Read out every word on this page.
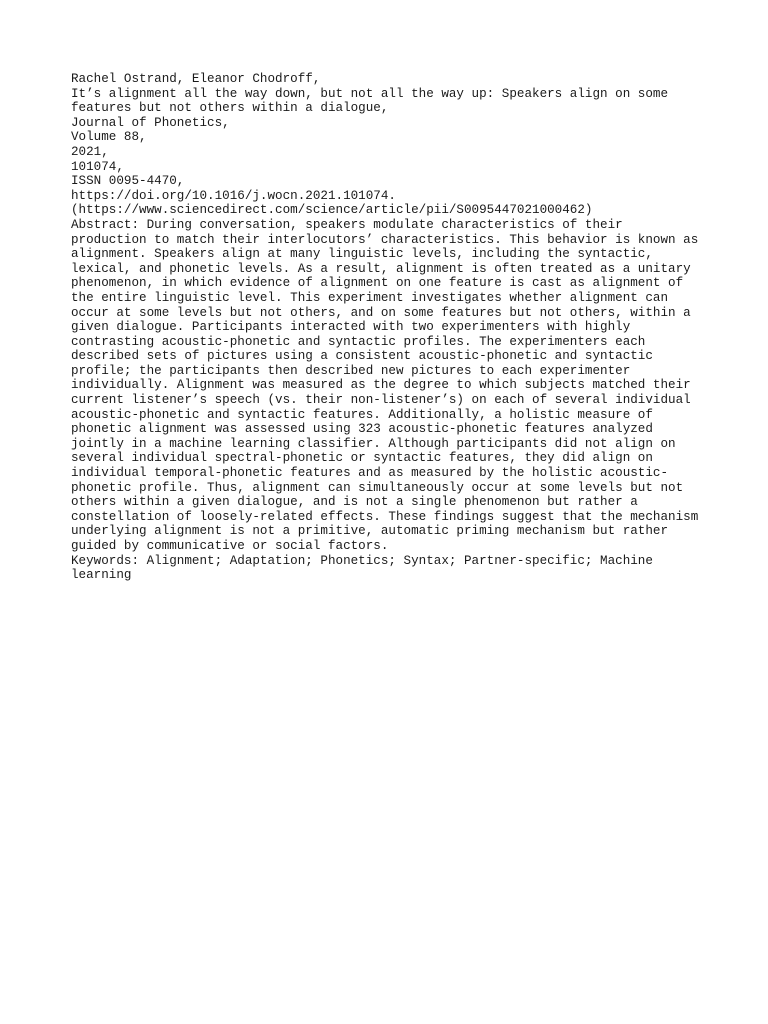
Rachel Ostrand, Eleanor Chodroff,
It’s alignment all the way down, but not all the way up: Speakers align on some
features but not others within a dialogue,
Journal of Phonetics,
Volume 88,
2021,
101074,
ISSN 0095-4470,
https://doi.org/10.1016/j.wocn.2021.101074.
(https://www.sciencedirect.com/science/article/pii/S0095447021000462)
Abstract: During conversation, speakers modulate characteristics of their
production to match their interlocutors’ characteristics. This behavior is known as
alignment. Speakers align at many linguistic levels, including the syntactic,
lexical, and phonetic levels. As a result, alignment is often treated as a unitary
phenomenon, in which evidence of alignment on one feature is cast as alignment of
the entire linguistic level. This experiment investigates whether alignment can
occur at some levels but not others, and on some features but not others, within a
given dialogue. Participants interacted with two experimenters with highly
contrasting acoustic-phonetic and syntactic profiles. The experimenters each
described sets of pictures using a consistent acoustic-phonetic and syntactic
profile; the participants then described new pictures to each experimenter
individually. Alignment was measured as the degree to which subjects matched their
current listener’s speech (vs. their non-listener’s) on each of several individual
acoustic-phonetic and syntactic features. Additionally, a holistic measure of
phonetic alignment was assessed using 323 acoustic-phonetic features analyzed
jointly in a machine learning classifier. Although participants did not align on
several individual spectral-phonetic or syntactic features, they did align on
individual temporal-phonetic features and as measured by the holistic acoustic-
phonetic profile. Thus, alignment can simultaneously occur at some levels but not
others within a given dialogue, and is not a single phenomenon but rather a
constellation of loosely-related effects. These findings suggest that the mechanism
underlying alignment is not a primitive, automatic priming mechanism but rather
guided by communicative or social factors.
Keywords: Alignment; Adaptation; Phonetics; Syntax; Partner-specific; Machine
learning
